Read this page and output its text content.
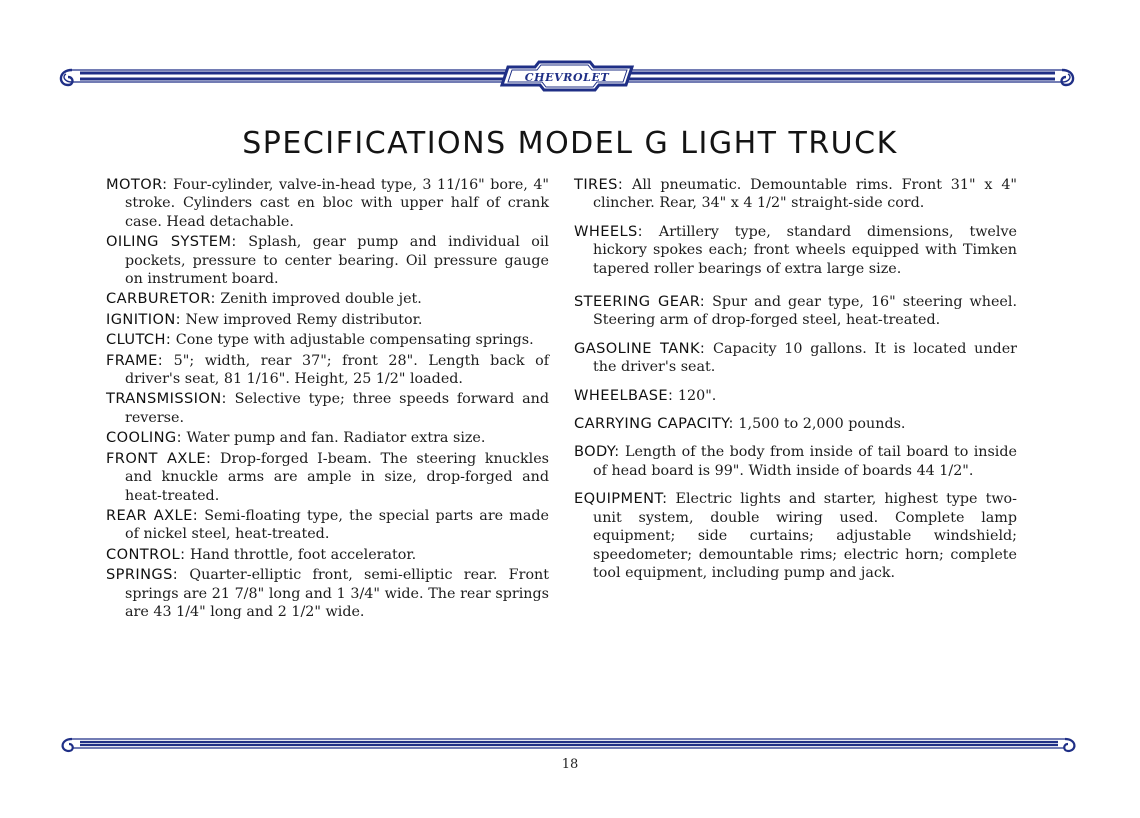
CHEVROLET
SPECIFICATIONS MODEL G LIGHT TRUCK
MOTOR: Four-cylinder, valve-in-head type, 3 11/16" bore, 4" stroke. Cylinders cast en bloc with upper half of crank case. Head detachable.
OILING SYSTEM: Splash, gear pump and individual oil pockets, pressure to center bearing. Oil pressure gauge on instrument board.
CARBURETOR: Zenith improved double jet.
IGNITION: New improved Remy distributor.
CLUTCH: Cone type with adjustable compensating springs.
FRAME: 5"; width, rear 37"; front 28". Length back of driver's seat, 81 1/16". Height, 25 1/2" loaded.
TRANSMISSION: Selective type; three speeds forward and reverse.
COOLING: Water pump and fan. Radiator extra size.
FRONT AXLE: Drop-forged I-beam. The steering knuckles and knuckle arms are ample in size, drop-forged and heat-treated.
REAR AXLE: Semi-floating type, the special parts are made of nickel steel, heat-treated.
CONTROL: Hand throttle, foot accelerator.
SPRINGS: Quarter-elliptic front, semi-elliptic rear. Front springs are 21 7/8" long and 1 3/4" wide. The rear springs are 43 1/4" long and 2 1/2" wide.
TIRES: All pneumatic. Demountable rims. Front 31" x 4" clincher. Rear, 34" x 4 1/2" straight-side cord.
WHEELS: Artillery type, standard dimensions, twelve hickory spokes each; front wheels equipped with Timken tapered roller bearings of extra large size.
STEERING GEAR: Spur and gear type, 16" steering wheel. Steering arm of drop-forged steel, heat-treated.
GASOLINE TANK: Capacity 10 gallons. It is located under the driver's seat.
WHEELBASE: 120".
CARRYING CAPACITY: 1,500 to 2,000 pounds.
BODY: Length of the body from inside of tail board to inside of head board is 99". Width inside of boards 44 1/2".
EQUIPMENT: Electric lights and starter, highest type two-unit system, double wiring used. Complete lamp equipment; side curtains; adjustable windshield; speedometer; demountable rims; electric horn; complete tool equipment, including pump and jack.
18
